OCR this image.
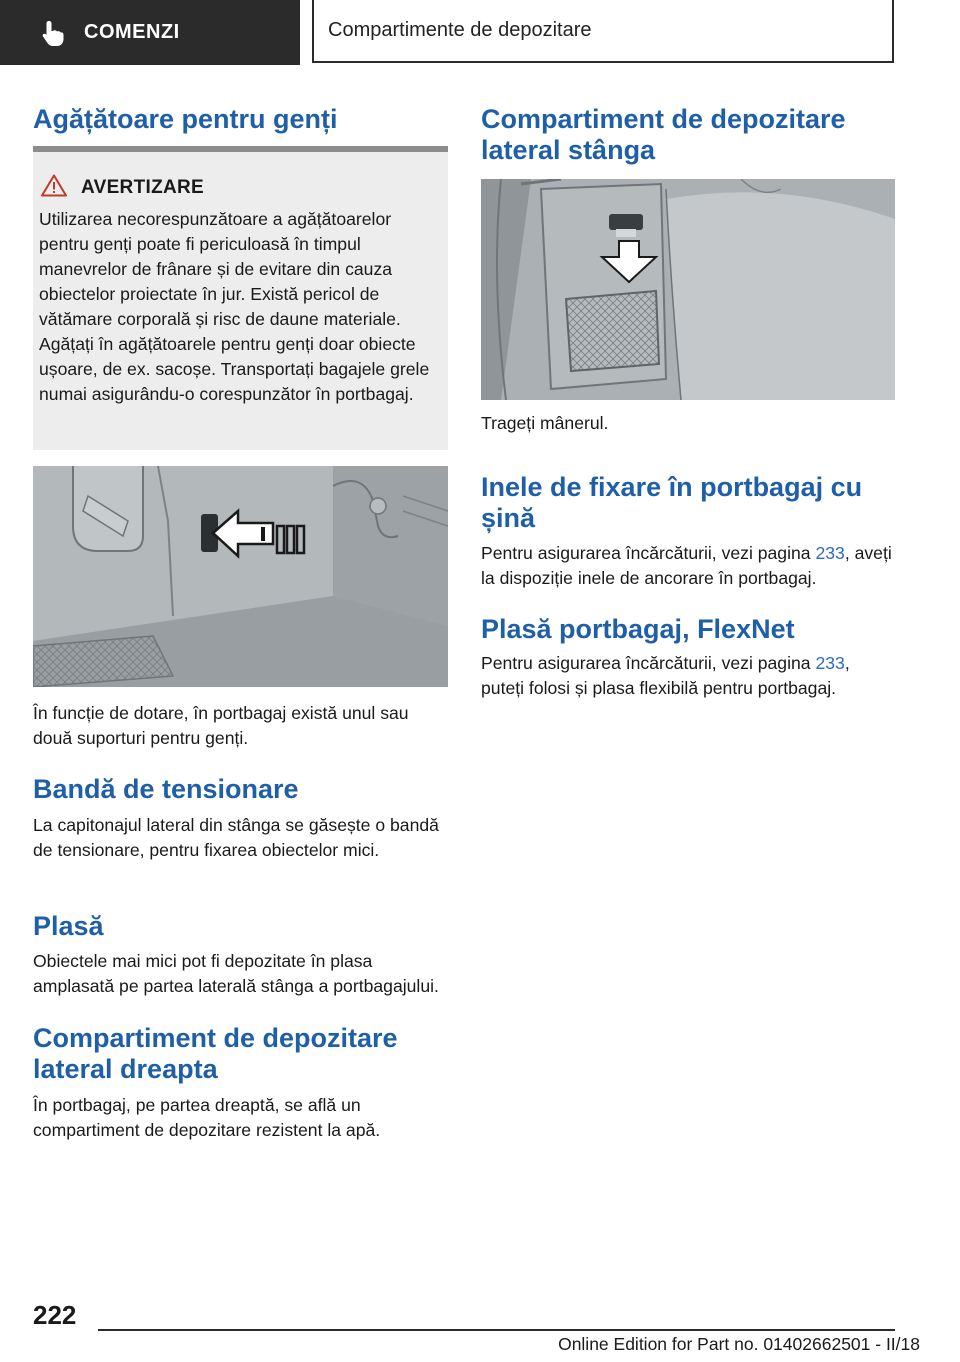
COMENZI	Compartimente de depozitare
Agățătoare pentru genți
AVERTIZARE
Utilizarea necorespunzătoare a agățătoarelor pentru genți poate fi periculoasă în timpul manevrelor de frânare și de evitare din cauza obiectelor proiectate în jur. Există pericol de vătămare corporală și risc de daune materiale. Agățați în agățătoarele pentru genți doar obiecte ușoare, de ex. sacoșe. Transportați bagajele grele numai asigurându-o corespunzător în portbagaj.

În funcție de dotare, în portbagaj există unul sau două suporturi pentru genți.

Bandă de tensionare

La capitonajul lateral din stânga se găsește o bandă de tensionare, pentru fixarea obiectelor mici.

Plasă

Obiectele mai mici pot fi depozitate în plasa amplasată pe partea laterală stânga a portbagajului.

Compartiment de depozitare lateral dreapta

În portbagaj, pe partea dreaptă, se află un compartiment de depozitare rezistent la apă.

Compartiment de depozitare lateral stânga

Trageți mânerul.

Inele de fixare în portbagaj cu șină

Pentru asigurarea încărcăturii, vezi pagina 233, aveți la dispoziție inele de ancorare în portbagaj.

Plasă portbagaj, FlexNet

Pentru asigurarea încărcăturii, vezi pagina 233, puteți folosi și plasa flexibilă pentru portbagaj.

222
Online Edition for Part no. 01402662501 - II/18
